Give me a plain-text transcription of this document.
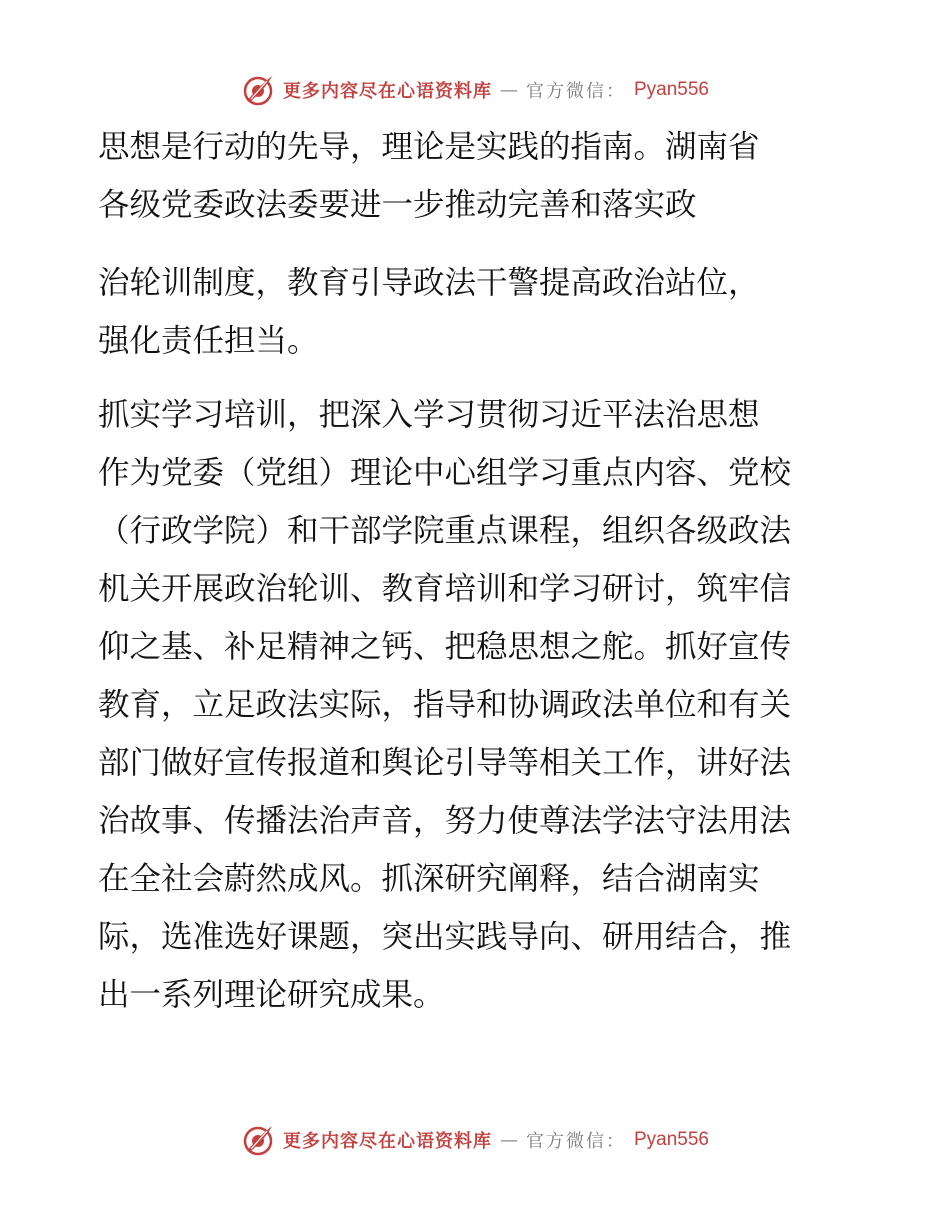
更多内容尽在心语资料库 — 官方微信： Pyan556
思想是行动的先导，理论是实践的指南。湖南省
各级党委政法委要进一步推动完善和落实政
治轮训制度，教育引导政法干警提高政治站位，
强化责任担当。
抓实学习培训，把深入学习贯彻习近平法治思想
作为党委（党组）理论中心组学习重点内容、党校
（行政学院）和干部学院重点课程，组织各级政法
机关开展政治轮训、教育培训和学习研讨，筑牢信
仰之基、补足精神之钙、把稳思想之舵。抓好宣传
教育，立足政法实际，指导和协调政法单位和有关
部门做好宣传报道和舆论引导等相关工作，讲好法
治故事、传播法治声音，努力使尊法学法守法用法
在全社会蔚然成风。抓深研究阐释，结合湖南实
际，选准选好课题，突出实践导向、研用结合，推
出一系列理论研究成果。
更多内容尽在心语资料库 — 官方微信： Pyan556
